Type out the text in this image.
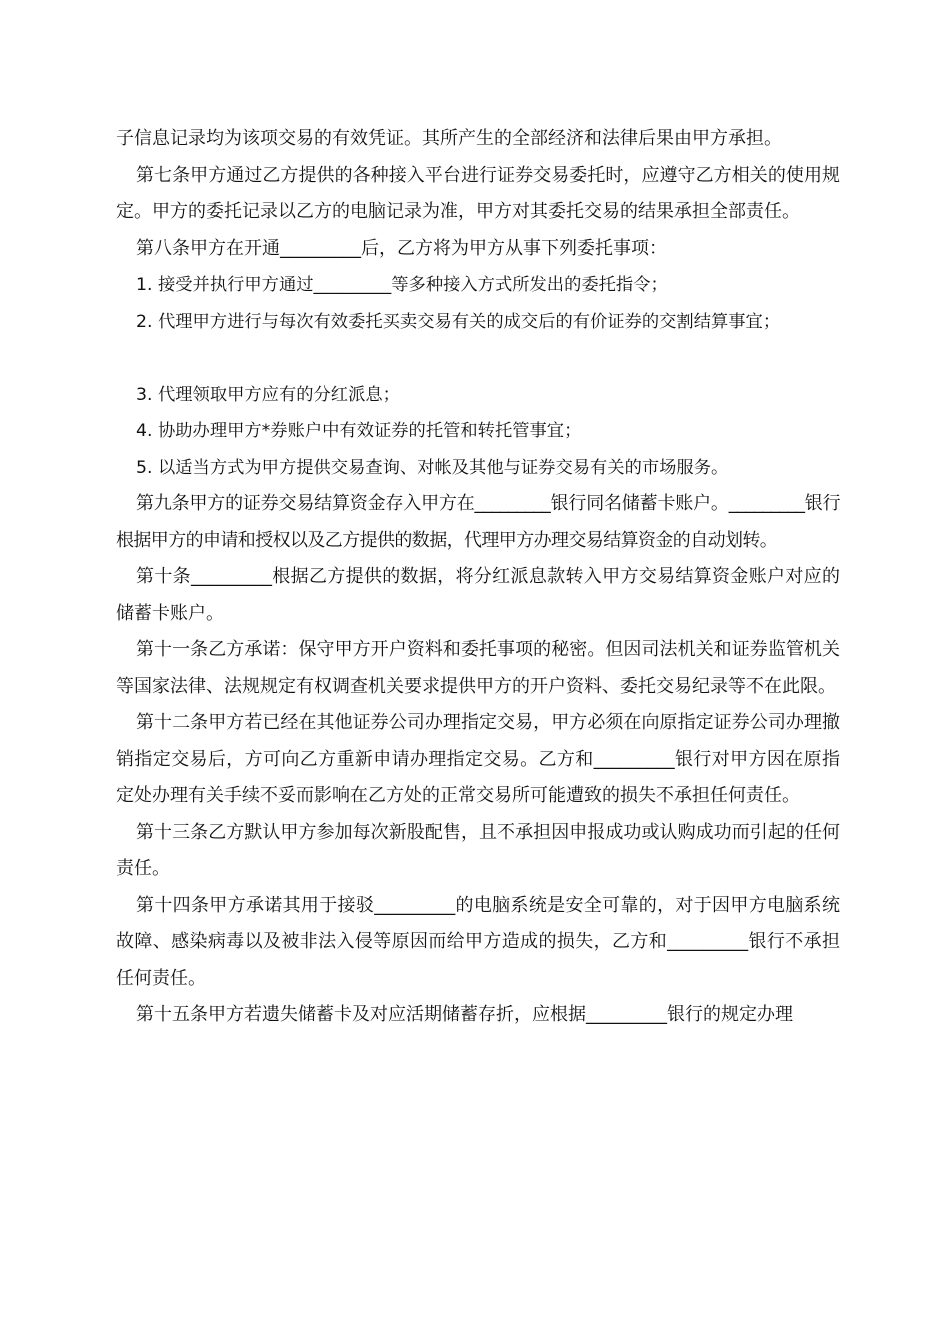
子信息记录均为该项交易的有效凭证。其所产生的全部经济和法律后果由甲方承担。

第七条甲方通过乙方提供的各种接入平台进行证券交易委托时，应遵守乙方相关的使用规定。甲方的委托记录以乙方的电脑记录为准，甲方对其委托交易的结果承担全部责任。

第八条甲方在开通_________后，乙方将为甲方从事下列委托事项：

1. 接受并执行甲方通过_________等多种接入方式所发出的委托指令；

2. 代理甲方进行与每次有效委托买卖交易有关的成交后的有价证券的交割结算事宜；

3. 代理领取甲方应有的分红派息；

4. 协助办理甲方*券账户中有效证券的托管和转托管事宜；

5. 以适当方式为甲方提供交易查询、对帐及其他与证券交易有关的市场服务。

第九条甲方的证券交易结算资金存入甲方在_________银行同名储蓄卡账户。_________银行根据甲方的申请和授权以及乙方提供的数据，代理甲方办理交易结算资金的自动划转。

第十条_________根据乙方提供的数据，将分红派息款转入甲方交易结算资金账户对应的储蓄卡账户。

第十一条乙方承诺：保守甲方开户资料和委托事项的秘密。但因司法机关和证券监管机关等国家法律、法规规定有权调查机关要求提供甲方的开户资料、委托交易纪录等不在此限。

第十二条甲方若已经在其他证券公司办理指定交易，甲方必须在向原指定证券公司办理撤销指定交易后，方可向乙方重新申请办理指定交易。乙方和_________银行对甲方因在原指定处办理有关手续不妥而影响在乙方处的正常交易所可能遭致的损失不承担任何责任。

第十三条乙方默认甲方参加每次新股配售，且不承担因申报成功或认购成功而引起的任何责任。

第十四条甲方承诺其用于接驳_________的电脑系统是安全可靠的，对于因甲方电脑系统故障、感染病毒以及被非法入侵等原因而给甲方造成的损失，乙方和_________银行不承担任何责任。

第十五条甲方若遗失储蓄卡及对应活期储蓄存折，应根据_________银行的规定办理
